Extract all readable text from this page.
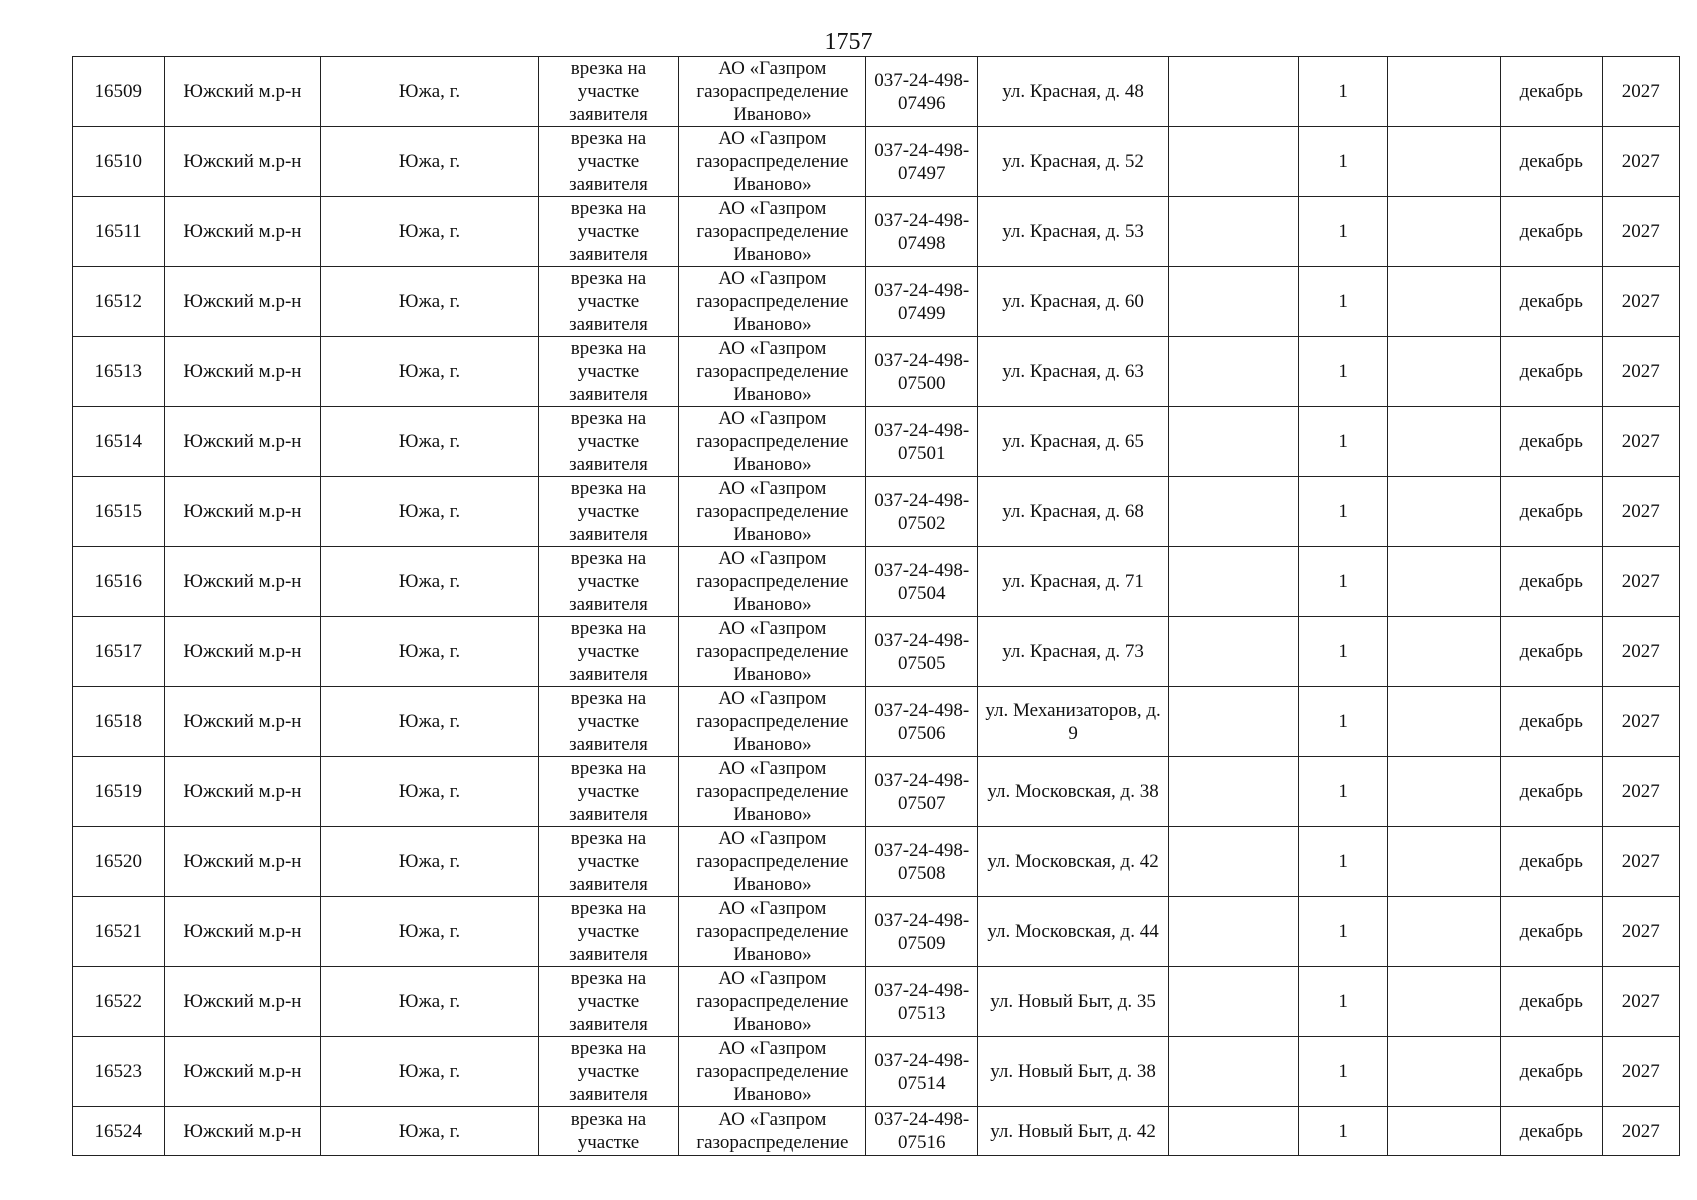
1757
16509	Южский м.р-н	Южа, г.	врезка на участке заявителя	АО «Газпром газораспределение Иваново»	037-24-498-07496	ул. Красная, д. 48		1		декабрь	2027
16510	Южский м.р-н	Южа, г.	врезка на участке заявителя	АО «Газпром газораспределение Иваново»	037-24-498-07497	ул. Красная, д. 52		1		декабрь	2027
16511	Южский м.р-н	Южа, г.	врезка на участке заявителя	АО «Газпром газораспределение Иваново»	037-24-498-07498	ул. Красная, д. 53		1		декабрь	2027
16512	Южский м.р-н	Южа, г.	врезка на участке заявителя	АО «Газпром газораспределение Иваново»	037-24-498-07499	ул. Красная, д. 60		1		декабрь	2027
16513	Южский м.р-н	Южа, г.	врезка на участке заявителя	АО «Газпром газораспределение Иваново»	037-24-498-07500	ул. Красная, д. 63		1		декабрь	2027
16514	Южский м.р-н	Южа, г.	врезка на участке заявителя	АО «Газпром газораспределение Иваново»	037-24-498-07501	ул. Красная, д. 65		1		декабрь	2027
16515	Южский м.р-н	Южа, г.	врезка на участке заявителя	АО «Газпром газораспределение Иваново»	037-24-498-07502	ул. Красная, д. 68		1		декабрь	2027
16516	Южский м.р-н	Южа, г.	врезка на участке заявителя	АО «Газпром газораспределение Иваново»	037-24-498-07504	ул. Красная, д. 71		1		декабрь	2027
16517	Южский м.р-н	Южа, г.	врезка на участке заявителя	АО «Газпром газораспределение Иваново»	037-24-498-07505	ул. Красная, д. 73		1		декабрь	2027
16518	Южский м.р-н	Южа, г.	врезка на участке заявителя	АО «Газпром газораспределение Иваново»	037-24-498-07506	ул. Механизаторов, д. 9		1		декабрь	2027
16519	Южский м.р-н	Южа, г.	врезка на участке заявителя	АО «Газпром газораспределение Иваново»	037-24-498-07507	ул. Московская, д. 38		1		декабрь	2027
16520	Южский м.р-н	Южа, г.	врезка на участке заявителя	АО «Газпром газораспределение Иваново»	037-24-498-07508	ул. Московская, д. 42		1		декабрь	2027
16521	Южский м.р-н	Южа, г.	врезка на участке заявителя	АО «Газпром газораспределение Иваново»	037-24-498-07509	ул. Московская, д. 44		1		декабрь	2027
16522	Южский м.р-н	Южа, г.	врезка на участке заявителя	АО «Газпром газораспределение Иваново»	037-24-498-07513	ул. Новый Быт, д. 35		1		декабрь	2027
16523	Южский м.р-н	Южа, г.	врезка на участке заявителя	АО «Газпром газораспределение Иваново»	037-24-498-07514	ул. Новый Быт, д. 38		1		декабрь	2027
16524	Южский м.р-н	Южа, г.	врезка на участке	АО «Газпром газораспределение	037-24-498-07516	ул. Новый Быт, д. 42		1		декабрь	2027
